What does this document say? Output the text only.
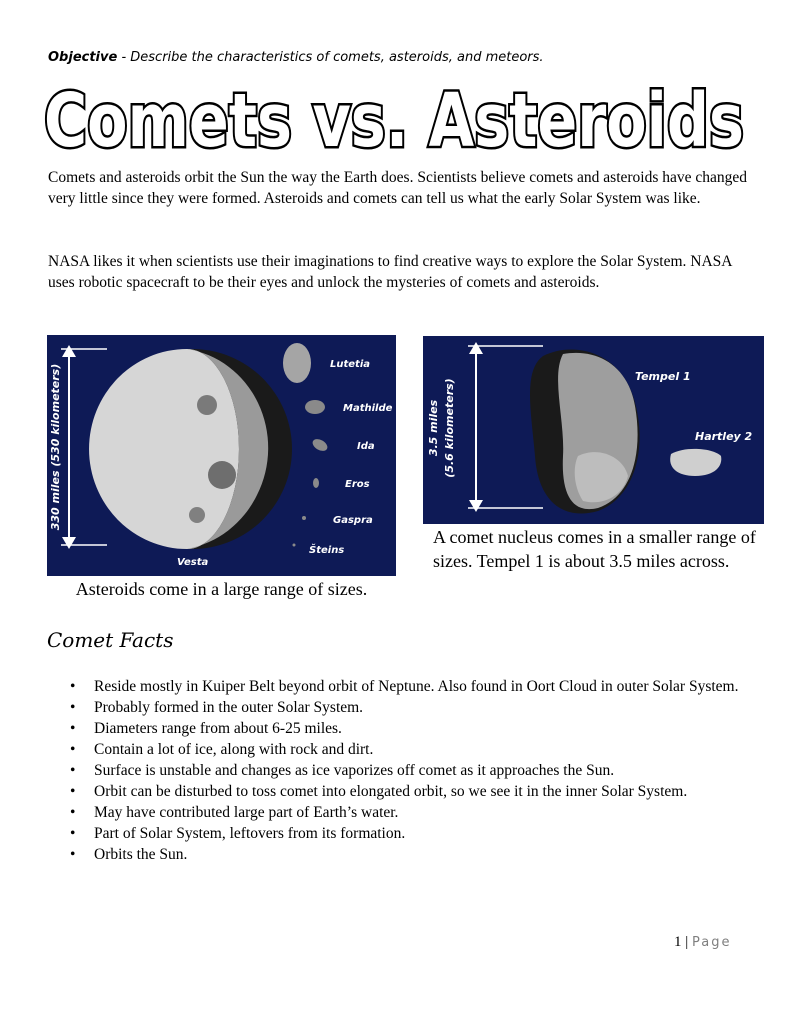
Objective - Describe the characteristics of comets, asteroids, and meteors.
Comets vs. Asteroids
Comets and asteroids orbit the Sun the way the Earth does. Scientists believe comets and asteroids have changed very little since they were formed. Asteroids and comets can tell us what the early Solar System was like.
NASA likes it when scientists use their imaginations to find creative ways to explore the Solar System. NASA uses robotic spacecraft to be their eyes and unlock the mysteries of comets and asteroids.
330 miles (530 kilometers)
Vesta
Lutetia
Mathilde
Ida
Eros
Gaspra
Šteins
Asteroids come in a large range of sizes.
3.5 miles (5.6 kilometers)
Tempel 1
Hartley 2
A comet nucleus comes in a smaller range of sizes. Tempel 1 is about 3.5 miles across.
Comet Facts
• Reside mostly in Kuiper Belt beyond orbit of Neptune. Also found in Oort Cloud in outer Solar System.
• Probably formed in the outer Solar System.
• Diameters range from about 6-25 miles.
• Contain a lot of ice, along with rock and dirt.
• Surface is unstable and changes as ice vaporizes off comet as it approaches the Sun.
• Orbit can be disturbed to toss comet into elongated orbit, so we see it in the inner Solar System.
• May have contributed large part of Earth’s water.
• Part of Solar System, leftovers from its formation.
• Orbits the Sun.
1 | Page
